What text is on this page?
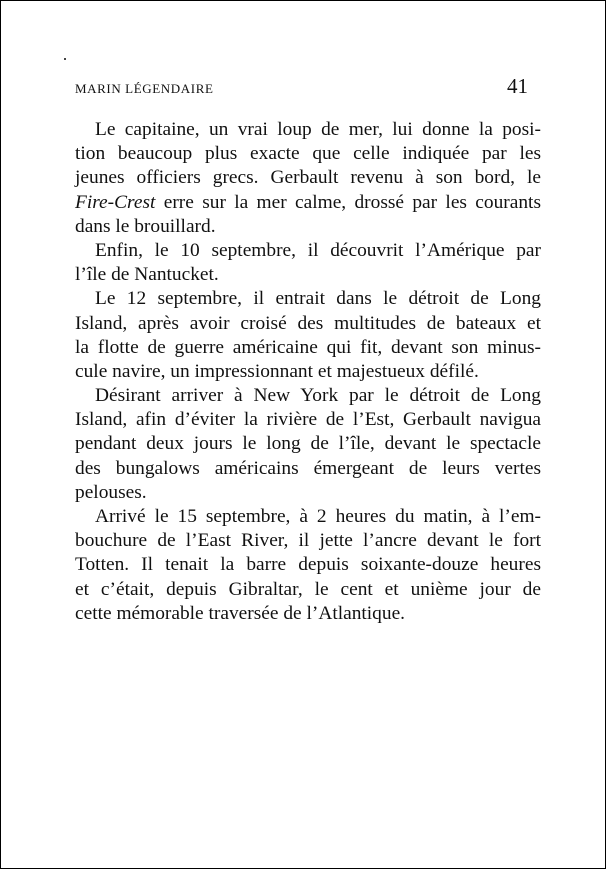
MARIN LÉGENDAIRE	41
Le capitaine, un vrai loup de mer, lui donne la posi-
tion beaucoup plus exacte que celle indiquée par les
jeunes officiers grecs. Gerbault revenu à son bord, le
Fire-Crest erre sur la mer calme, drossé par les courants
dans le brouillard.
Enfin, le 10 septembre, il découvrit l’Amérique par
l’île de Nantucket.
Le 12 septembre, il entrait dans le détroit de Long
Island, après avoir croisé des multitudes de bateaux et
la flotte de guerre américaine qui fit, devant son minus-
cule navire, un impressionnant et majestueux défilé.
Désirant arriver à New York par le détroit de Long
Island, afin d’éviter la rivière de l’Est, Gerbault navigua
pendant deux jours le long de l’île, devant le spectacle
des bungalows américains émergeant de leurs vertes
pelouses.
Arrivé le 15 septembre, à 2 heures du matin, à l’em-
bouchure de l’East River, il jette l’ancre devant le fort
Totten. Il tenait la barre depuis soixante-douze heures
et c’était, depuis Gibraltar, le cent et unième jour de
cette mémorable traversée de l’Atlantique.
